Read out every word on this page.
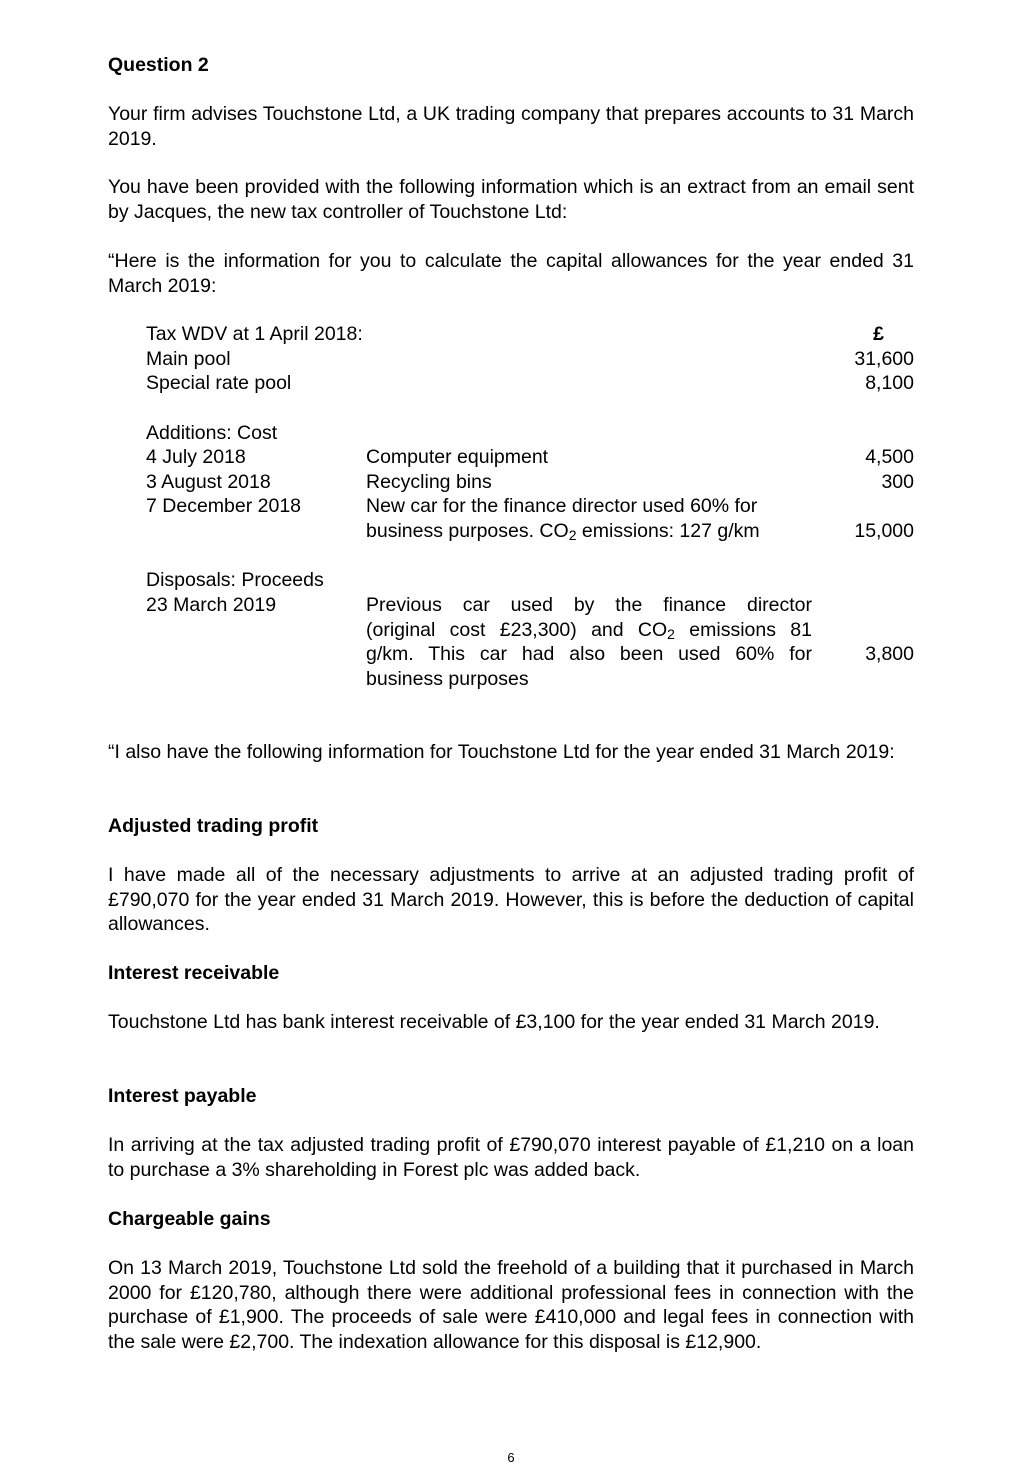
Question 2
Your firm advises Touchstone Ltd, a UK trading company that prepares accounts to 31 March 2019.
You have been provided with the following information which is an extract from an email sent by Jacques, the new tax controller of Touchstone Ltd:
“Here is the information for you to calculate the capital allowances for the year ended 31 March 2019:
Tax WDV at 1 April 2018:	£
Main pool	31,600
Special rate pool	8,100
Additions: Cost
4 July 2018	Computer equipment	4,500
3 August 2018	Recycling bins	300
7 December 2018	New car for the finance director used 60% for
business purposes. $CO_2$ emissions: 127 g/km	15,000
Disposals: Proceeds
23 March 2019	Previous car used by the finance director
(original cost £23,300) and $CO_2$ emissions 81
g/km. This car had also been used 60% for
business purposes
3,800
“I also have the following information for Touchstone Ltd for the year ended 31 March 2019:
Adjusted trading profit
I have made all of the necessary adjustments to arrive at an adjusted trading profit of £790,070 for the year ended 31 March 2019. However, this is before the deduction of capital allowances.
Interest receivable
Touchstone Ltd has bank interest receivable of £3,100 for the year ended 31 March 2019.
Interest payable
In arriving at the tax adjusted trading profit of £790,070 interest payable of £1,210 on a loan to purchase a 3% shareholding in Forest plc was added back.
Chargeable gains
On 13 March 2019, Touchstone Ltd sold the freehold of a building that it purchased in March 2000 for £120,780, although there were additional professional fees in connection with the purchase of £1,900. The proceeds of sale were £410,000 and legal fees in connection with the sale were £2,700. The indexation allowance for this disposal is £12,900.
6
